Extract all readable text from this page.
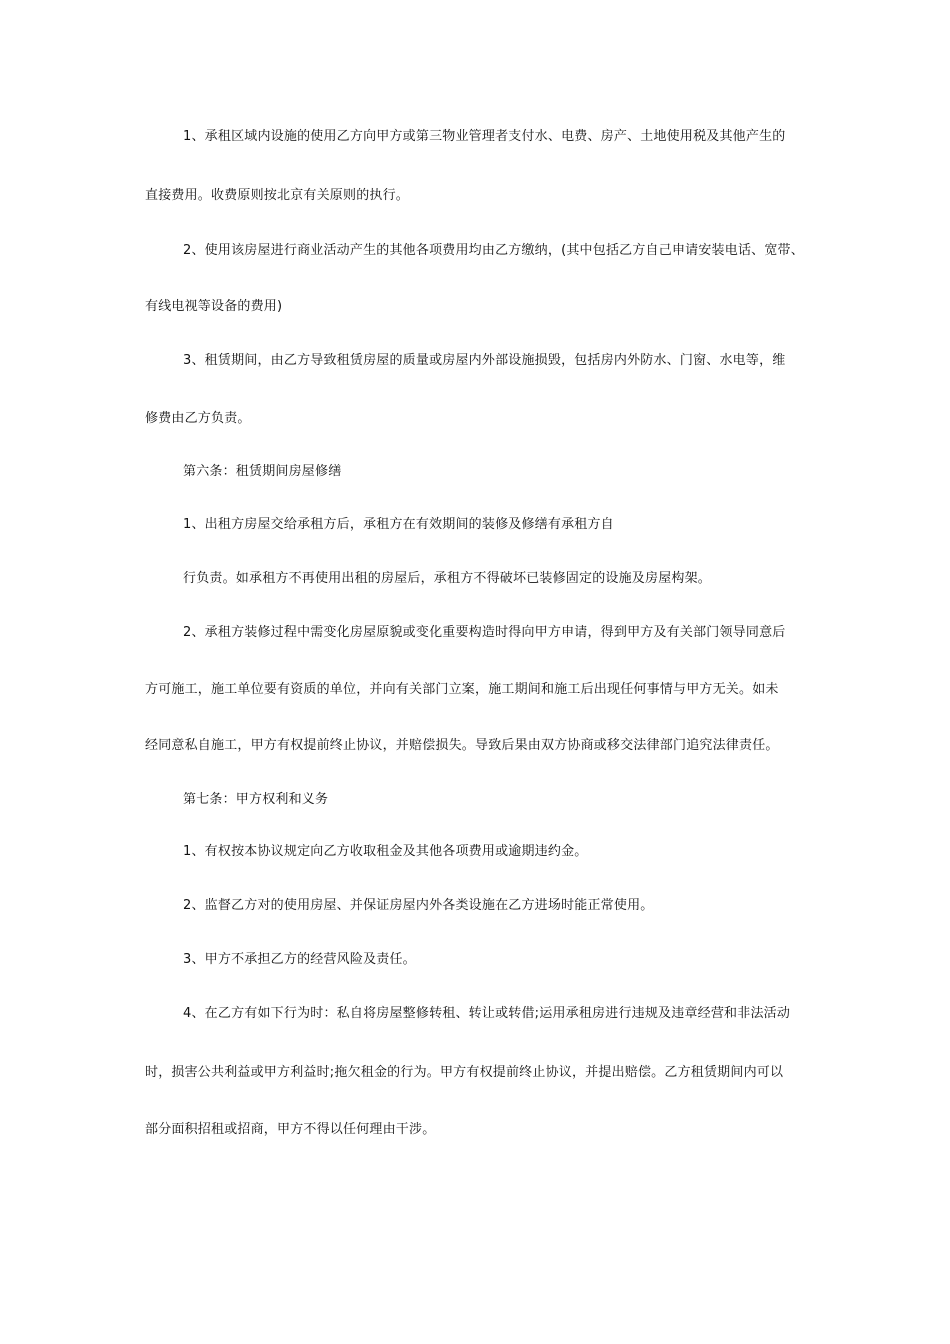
1、承租区域内设施的使用乙方向甲方或第三物业管理者支付水、电费、房产、土地使用税及其他产生的
直接费用。收费原则按北京有关原则的执行。
2、使用该房屋进行商业活动产生的其他各项费用均由乙方缴纳，(其中包括乙方自己申请安装电话、宽带、
有线电视等设备的费用)
3、租赁期间，由乙方导致租赁房屋的质量或房屋内外部设施损毁，包括房内外防水、门窗、水电等，维
修费由乙方负责。
第六条：租赁期间房屋修缮
1、出租方房屋交给承租方后，承租方在有效期间的装修及修缮有承租方自
行负责。如承租方不再使用出租的房屋后，承租方不得破坏已装修固定的设施及房屋构架。
2、承租方装修过程中需变化房屋原貌或变化重要构造时得向甲方申请，得到甲方及有关部门领导同意后
方可施工，施工单位要有资质的单位，并向有关部门立案，施工期间和施工后出现任何事情与甲方无关。如未
经同意私自施工，甲方有权提前终止协议，并赔偿损失。导致后果由双方协商或移交法律部门追究法律责任。
第七条：甲方权利和义务
1、有权按本协议规定向乙方收取租金及其他各项费用或逾期违约金。
2、监督乙方对的使用房屋、并保证房屋内外各类设施在乙方进场时能正常使用。
3、甲方不承担乙方的经营风险及责任。
4、在乙方有如下行为时：私自将房屋整修转租、转让或转借;运用承租房进行违规及违章经营和非法活动
时，损害公共利益或甲方利益时;拖欠租金的行为。甲方有权提前终止协议，并提出赔偿。乙方租赁期间内可以
部分面积招租或招商，甲方不得以任何理由干涉。
